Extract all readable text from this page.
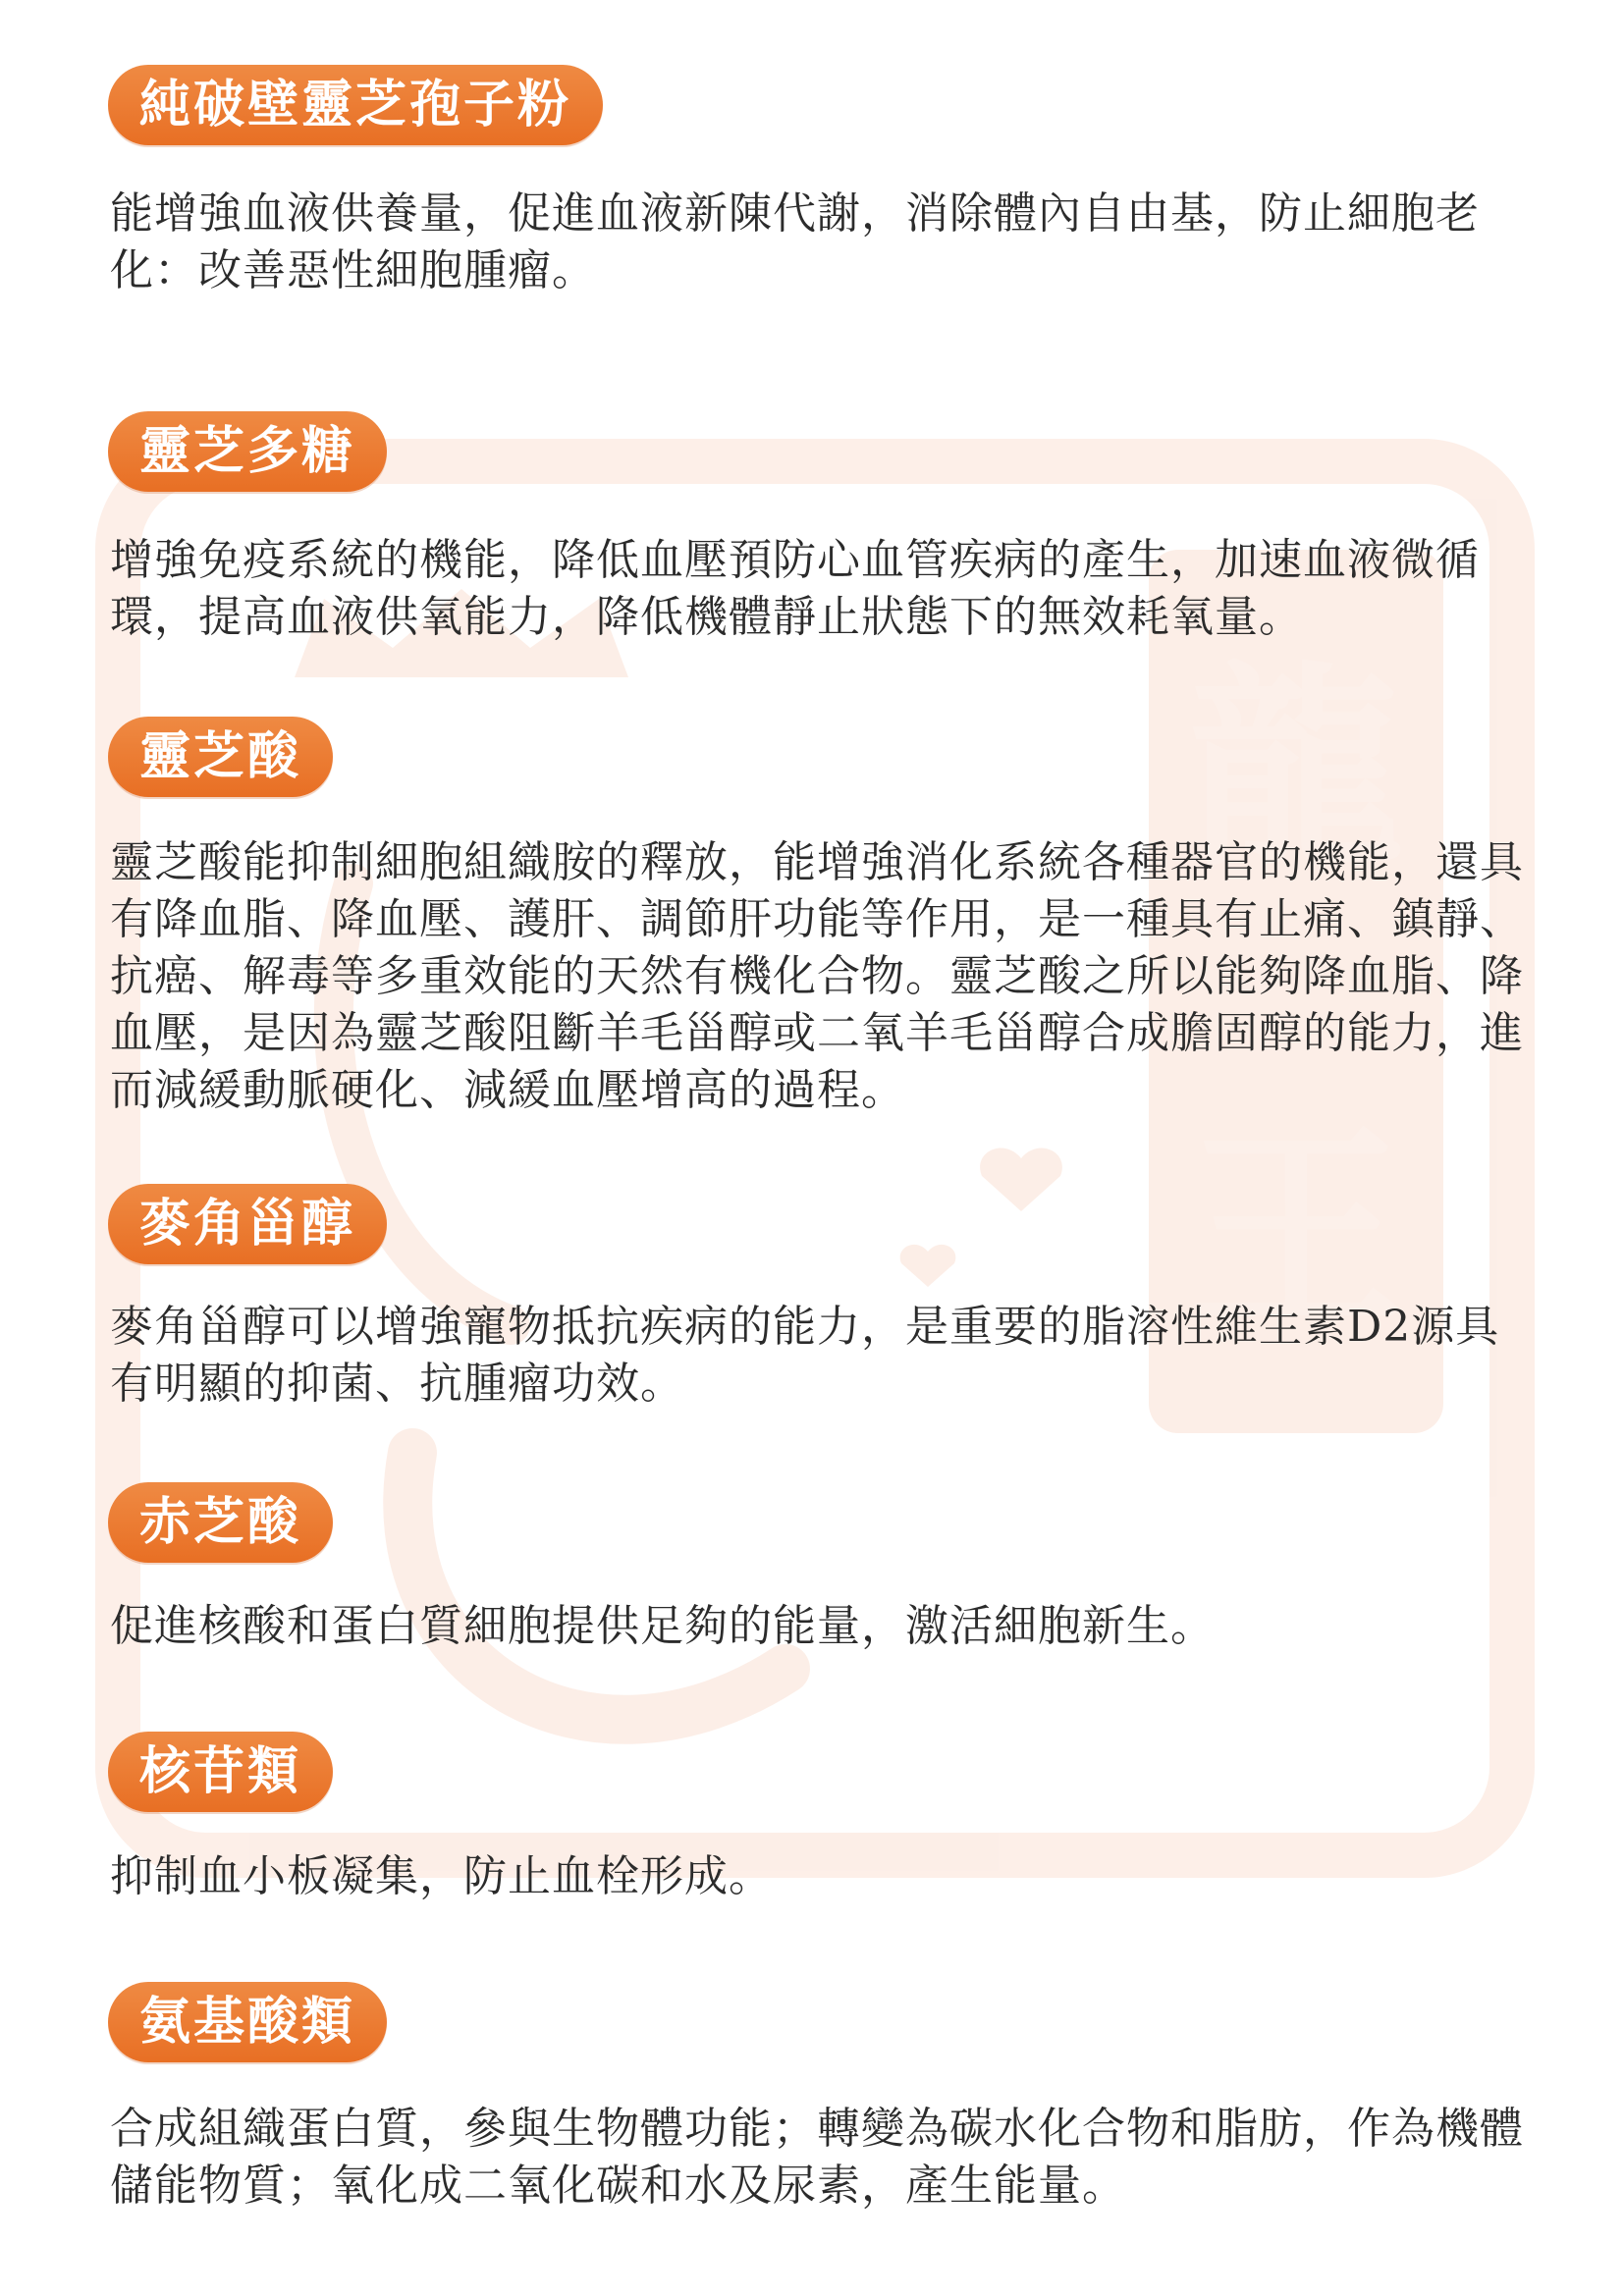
龍
王
純破壁靈芝孢子粉

能增強血液供養量，促進血液新陳代謝，消除體內自由基，防止細胞老化：改善惡性細胞腫瘤。

靈芝多糖

增強免疫系統的機能，降低血壓預防心血管疾病的產生，加速血液微循環，提高血液供氧能力，降低機體靜止狀態下的無效耗氧量。

靈芝酸

靈芝酸能抑制細胞組織胺的釋放，能增強消化系統各種器官的機能，還具有降血脂、降血壓、護肝、調節肝功能等作用，是一種具有止痛、鎮靜、抗癌、解毒等多重效能的天然有機化合物。靈芝酸之所以能夠降血脂、降血壓，是因為靈芝酸阻斷羊毛甾醇或二氧羊毛甾醇合成膽固醇的能力，進而減緩動脈硬化、減緩血壓增高的過程。

麥角甾醇

麥角甾醇可以增強寵物抵抗疾病的能力，是重要的脂溶性維生素D2源具有明顯的抑菌、抗腫瘤功效。

赤芝酸

促進核酸和蛋白質細胞提供足夠的能量，激活細胞新生。

核苷類

抑制血小板凝集，防止血栓形成。

氨基酸類

合成組織蛋白質，參與生物體功能；轉變為碳水化合物和脂肪，作為機體儲能物質；氧化成二氧化碳和水及尿素，產生能量。
